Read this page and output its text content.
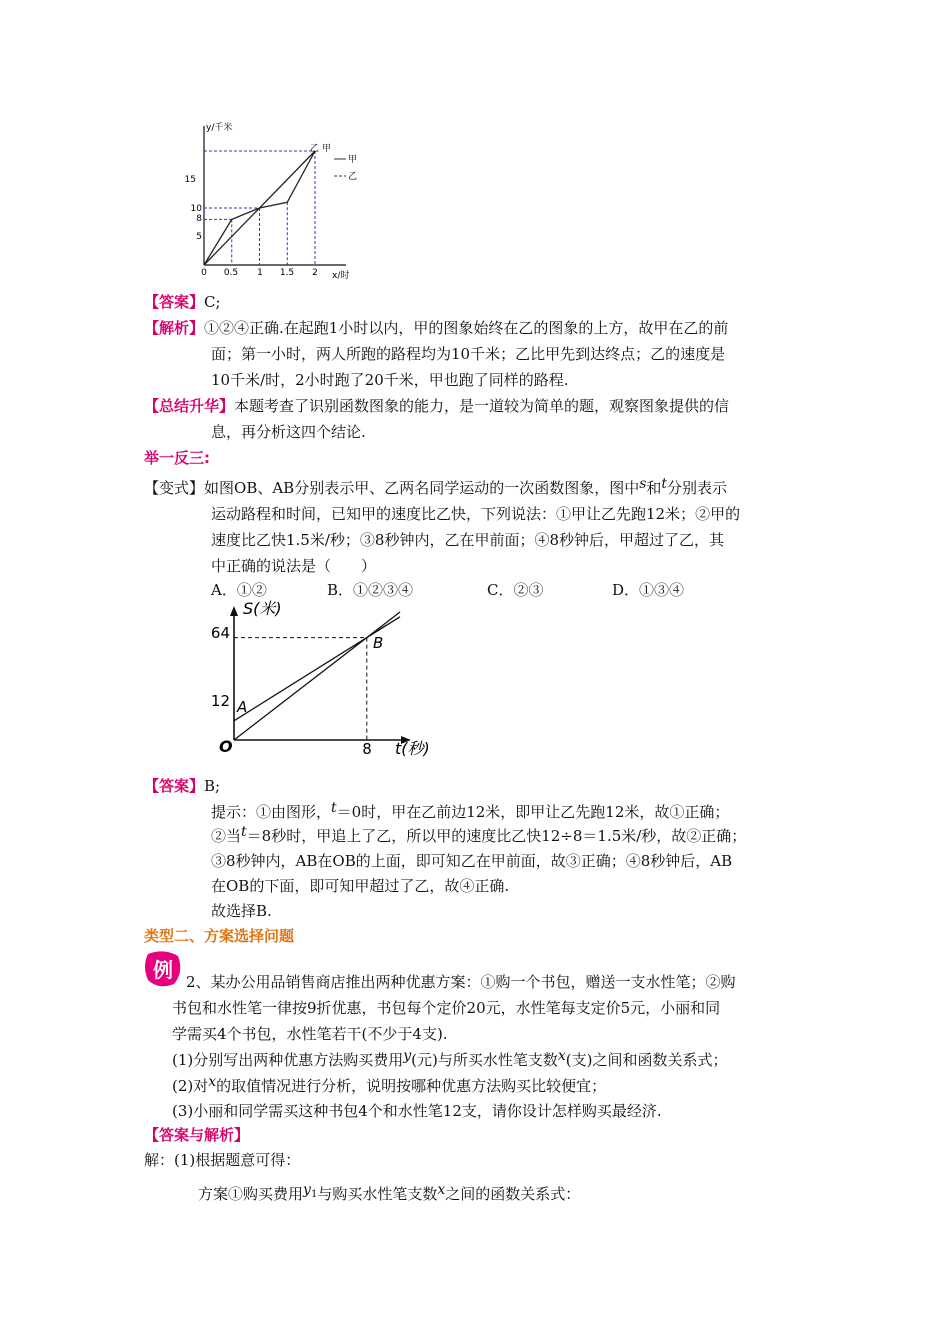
y/千米
x/时
15
10
8
5
0 0.5 1 1.5 2
乙 甲
甲
乙
【答案】C;
【解析】①②④正确.在起跑1小时以内，甲的图象始终在乙的图象的上方，故甲在乙的前
面；第一小时，两人所跑的路程均为10千米；乙比甲先到达终点；乙的速度是
10千米/时，2小时跑了20千米，甲也跑了同样的路程.
【总结升华】本题考查了识别函数图象的能力，是一道较为简单的题，观察图象提供的信
息，再分析这四个结论.
举一反三:
【变式】如图OB、AB分别表示甲、乙两名同学运动的一次函数图象，图中s和t分别表示
运动路程和时间，已知甲的速度比乙快，下列说法：①甲让乙先跑12米；②甲的
速度比乙快1.5米/秒；③8秒钟内，乙在甲前面；④8秒钟后，甲超过了乙，其
中正确的说法是（　　）
A．①②	B．①②③④	C．②③	D．①③④
S(米)
t(秒)
64
12
8
O
A
B
【答案】B;
提示：①由图形，t＝0时，甲在乙前边12米，即甲让乙先跑12米，故①正确；
②当t＝8秒时，甲追上了乙，所以甲的速度比乙快12÷8＝1.5米/秒，故②正确；
③8秒钟内，AB在OB的上面，即可知乙在甲前面，故③正确；④8秒钟后，AB
在OB的下面，即可知甲超过了乙，故④正确.
故选择B.
类型二、方案选择问题
例 2、某办公用品销售商店推出两种优惠方案：①购一个书包，赠送一支水性笔；②购
书包和水性笔一律按9折优惠，书包每个定价20元，水性笔每支定价5元，小丽和同
学需买4个书包，水性笔若干(不少于4支).
(1)分别写出两种优惠方法购买费用y(元)与所买水性笔支数x(支)之间和函数关系式；
(2)对x的取值情况进行分析，说明按哪种优惠方法购买比较便宜；
(3)小丽和同学需买这种书包4个和水性笔12支，请你设计怎样购买最经济.
【答案与解析】
解：(1)根据题意可得：
方案①购买费用y1与购买水性笔支数x之间的函数关系式：
